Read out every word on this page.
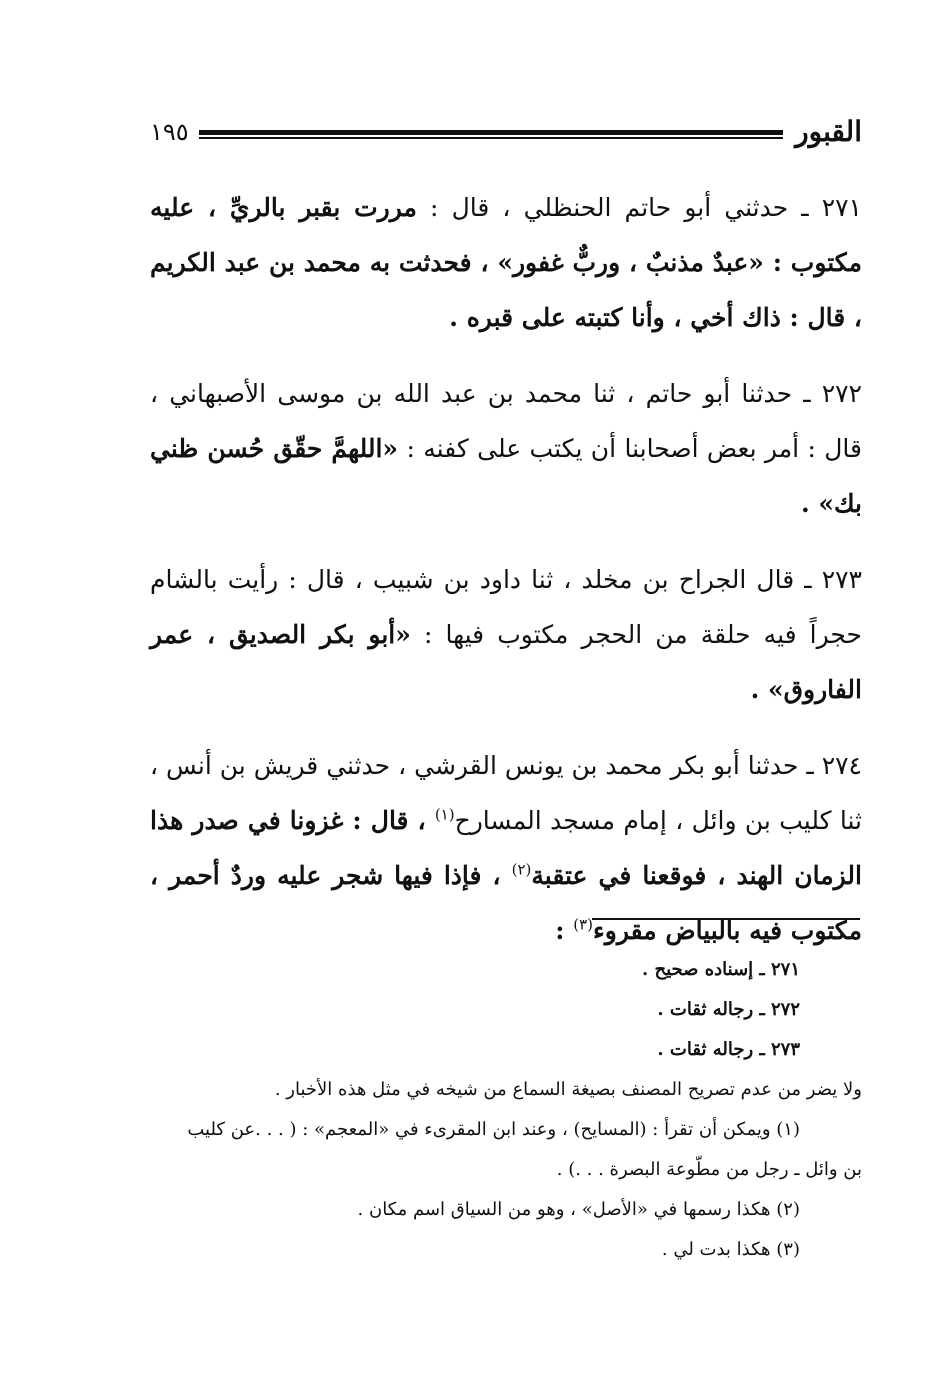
القبور
١٩٥

٢٧١ ـ حدثني أبو حاتم الحنظلي ، قال : مررت بقبر بالريِّ ، عليه مكتوب : «عبدٌ مذنبٌ ، وربٌّ غفور» ، فحدثت به محمد بن عبد الكريم ، قال : ذاك أخي ، وأنا كتبته على قبره .

٢٧٢ ـ حدثنا أبو حاتم ، ثنا محمد بن عبد الله بن موسى الأصبهاني ، قال : أمر بعض أصحابنا أن يكتب على كفنه : «اللهمَّ حقّق حُسن ظني بك» .

٢٧٣ ـ قال الجراح بن مخلد ، ثنا داود بن شبيب ، قال : رأيت بالشام حجراً فيه حلقة من الحجر مكتوب فيها : «أبو بكر الصديق ، عمر الفاروق» .

٢٧٤ ـ حدثنا أبو بكر محمد بن يونس القرشي ، حدثني قريش بن أنس ، ثنا كليب بن وائل ، إمام مسجد المسارح$^{(١)}$ ، قال : غزونا في صدر هذا الزمان الهند ، فوقعنا في عتقبة$^{(٢)}$ ، فإذا فيها شجر عليه وردٌ أحمر ، مكتوب فيه بالبياض مقروء$^{(٣)}$ :

٢٧١ ـ إسناده صحيح .

٢٧٢ ـ رجاله ثقات .

٢٧٣ ـ رجاله ثقات .

ولا يضر من عدم تصريح المصنف بصيغة السماع من شيخه في مثل هذه الأخبار .

(١) ويمكن أن تقرأ : (المسايح) ، وعند ابن المقرىء في «المعجم» : ( . . .عن كليب

بن وائل ـ رجل من مطّوعة البصرة . . .) .

(٢) هكذا رسمها في «الأصل» ، وهو من السياق اسم مكان .

(٣) هكذا بدت لي .
